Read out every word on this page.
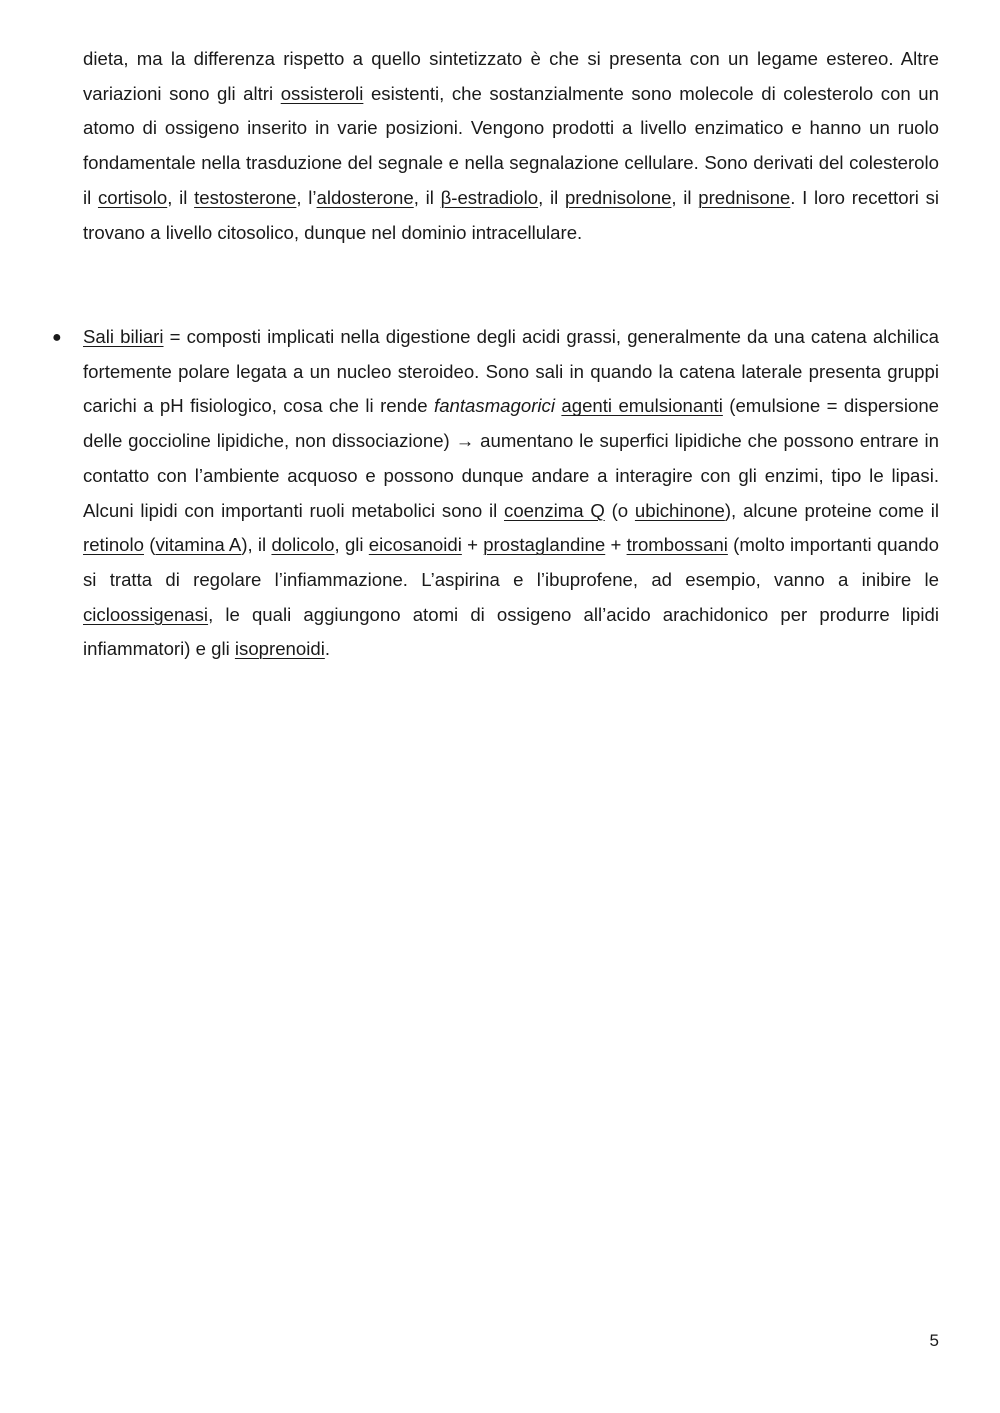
dieta, ma la differenza rispetto a quello sintetizzato è che si presenta con un legame estereo. Altre variazioni sono gli altri ossisteroli esistenti, che sostanzialmente sono molecole di colesterolo con un atomo di ossigeno inserito in varie posizioni. Vengono prodotti a livello enzimatico e hanno un ruolo fondamentale nella trasduzione del segnale e nella segnalazione cellulare. Sono derivati del colesterolo il cortisolo, il testosterone, l’aldosterone, il β-estradiolo, il prednisolone, il prednisone. I loro recettori si trovano a livello citosolico, dunque nel dominio intracellulare.

● Sali biliari = composti implicati nella digestione degli acidi grassi, generalmente da una catena alchilica fortemente polare legata a un nucleo steroideo. Sono sali in quando la catena laterale presenta gruppi carichi a pH fisiologico, cosa che li rende fantasmagorici agenti emulsionanti (emulsione = dispersione delle goccioline lipidiche, non dissociazione) → aumentano le superfici lipidiche che possono entrare in contatto con l’ambiente acquoso e possono dunque andare a interagire con gli enzimi, tipo le lipasi. Alcuni lipidi con importanti ruoli metabolici sono il coenzima Q (o ubichinone), alcune proteine come il retinolo (vitamina A), il dolicolo, gli eicosanoidi + prostaglandine + trombossani (molto importanti quando si tratta di regolare l’infiammazione. L’aspirina e l’ibuprofene, ad esempio, vanno a inibire le cicloossigenasi, le quali aggiungono atomi di ossigeno all’acido arachidonico per produrre lipidi infiammatori) e gli isoprenoidi.

5
